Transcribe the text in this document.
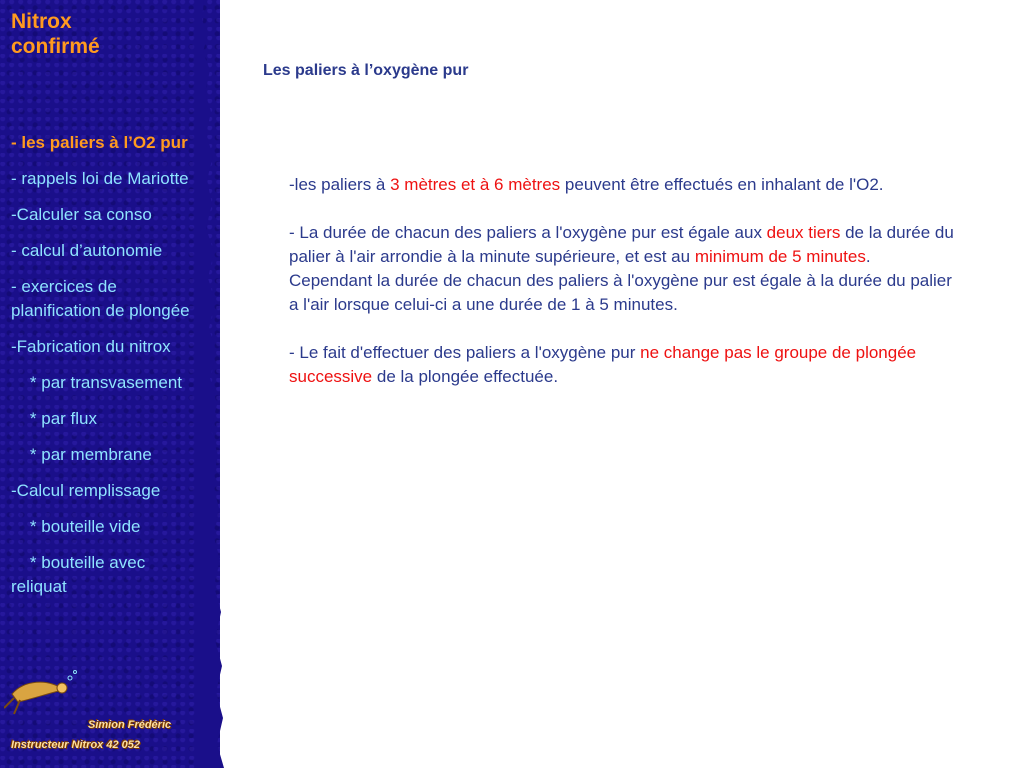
Nitrox
confirmé
- les paliers à l’O2 pur
- rappels loi de Mariotte
-Calculer sa conso
- calcul d’autonomie
- exercices de planification de plongée
-Fabrication du nitrox
* par transvasement
* par flux
* par membrane
-Calcul remplissage
* bouteille vide
* bouteille avec reliquat
Simion Frédéric
Instructeur Nitrox 42 052
Les paliers à l’oxygène pur

-les paliers à 3 mètres et à 6 mètres peuvent être effectués en inhalant de l'O2.

- La durée de chacun des paliers a l'oxygène pur est égale aux deux tiers de la durée du palier à l'air arrondie à la minute supérieure, et est au minimum de 5 minutes.

Cependant la durée de chacun des paliers à l'oxygène pur est égale à la durée du palier a l'air lorsque celui-ci a une durée de 1 à 5 minutes.

- Le fait d'effectuer des paliers a l'oxygène pur ne change pas le groupe de plongée successive de la plongée effectuée.
